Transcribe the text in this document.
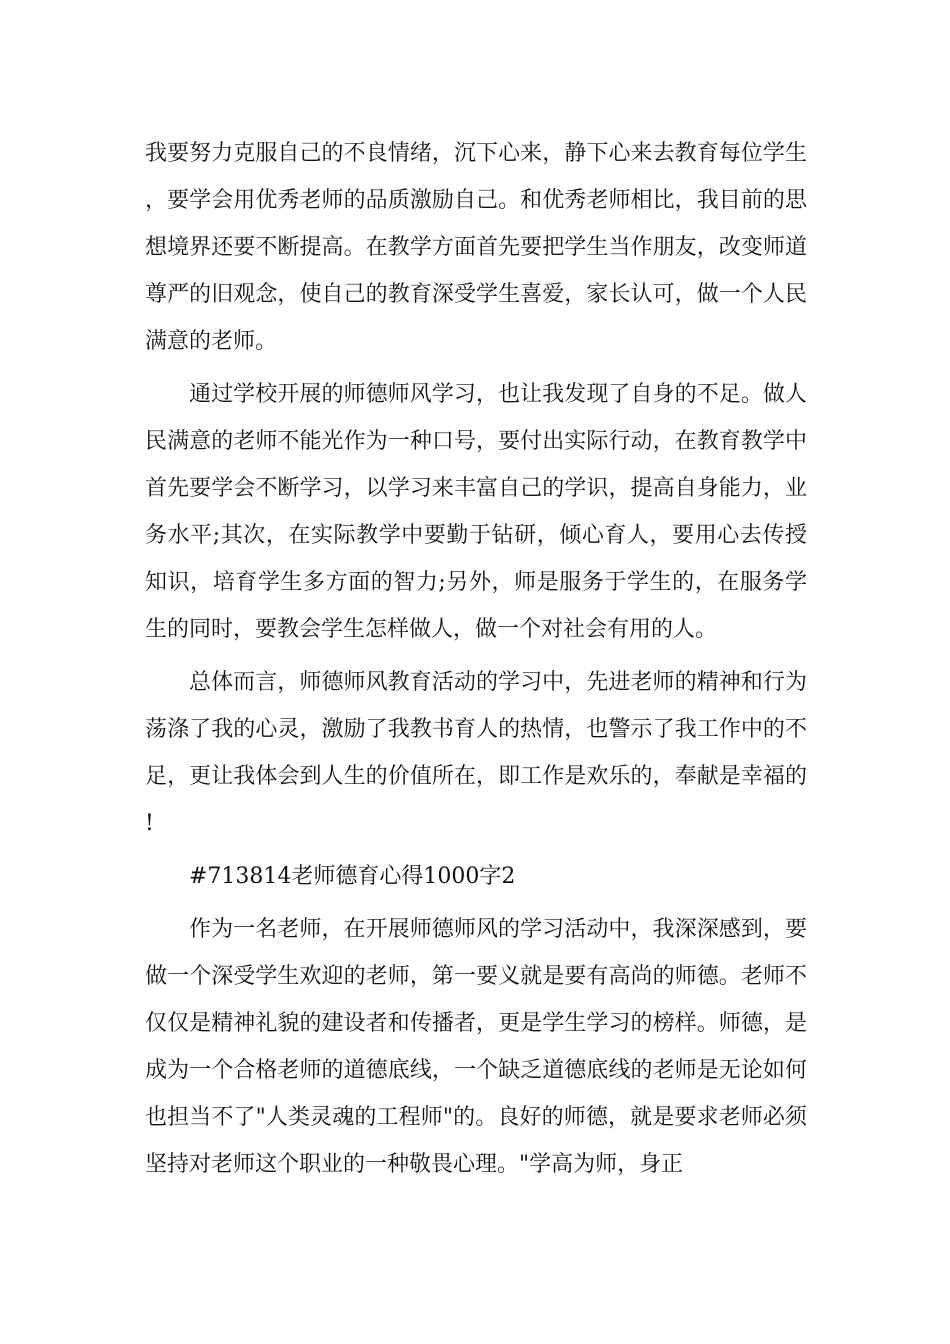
我要努力克服自己的不良情绪，沉下心来，静下心来去教育每位学生，要学会用优秀老师的品质激励自己。和优秀老师相比，我目前的思想境界还要不断提高。在教学方面首先要把学生当作朋友，改变师道尊严的旧观念，使自己的教育深受学生喜爱，家长认可，做一个人民满意的老师。

通过学校开展的师德师风学习，也让我发现了自身的不足。做人民满意的老师不能光作为一种口号，要付出实际行动，在教育教学中首先要学会不断学习，以学习来丰富自己的学识，提高自身能力，业务水平;其次，在实际教学中要勤于钻研，倾心育人，要用心去传授知识，培育学生多方面的智力;另外，师是服务于学生的，在服务学生的同时，要教会学生怎样做人，做一个对社会有用的人。

总体而言，师德师风教育活动的学习中，先进老师的精神和行为荡涤了我的心灵，激励了我教书育人的热情，也警示了我工作中的不足，更让我体会到人生的价值所在，即工作是欢乐的，奉献是幸福的!

#713814老师德育心得1000字2

作为一名老师，在开展师德师风的学习活动中，我深深感到，要做一个深受学生欢迎的老师，第一要义就是要有高尚的师德。老师不仅仅是精神礼貌的建设者和传播者，更是学生学习的榜样。师德，是成为一个合格老师的道德底线，一个缺乏道德底线的老师是无论如何也担当不了"人类灵魂的工程师"的。良好的师德，就是要求老师必须坚持对老师这个职业的一种敬畏心理。"学高为师，身正
